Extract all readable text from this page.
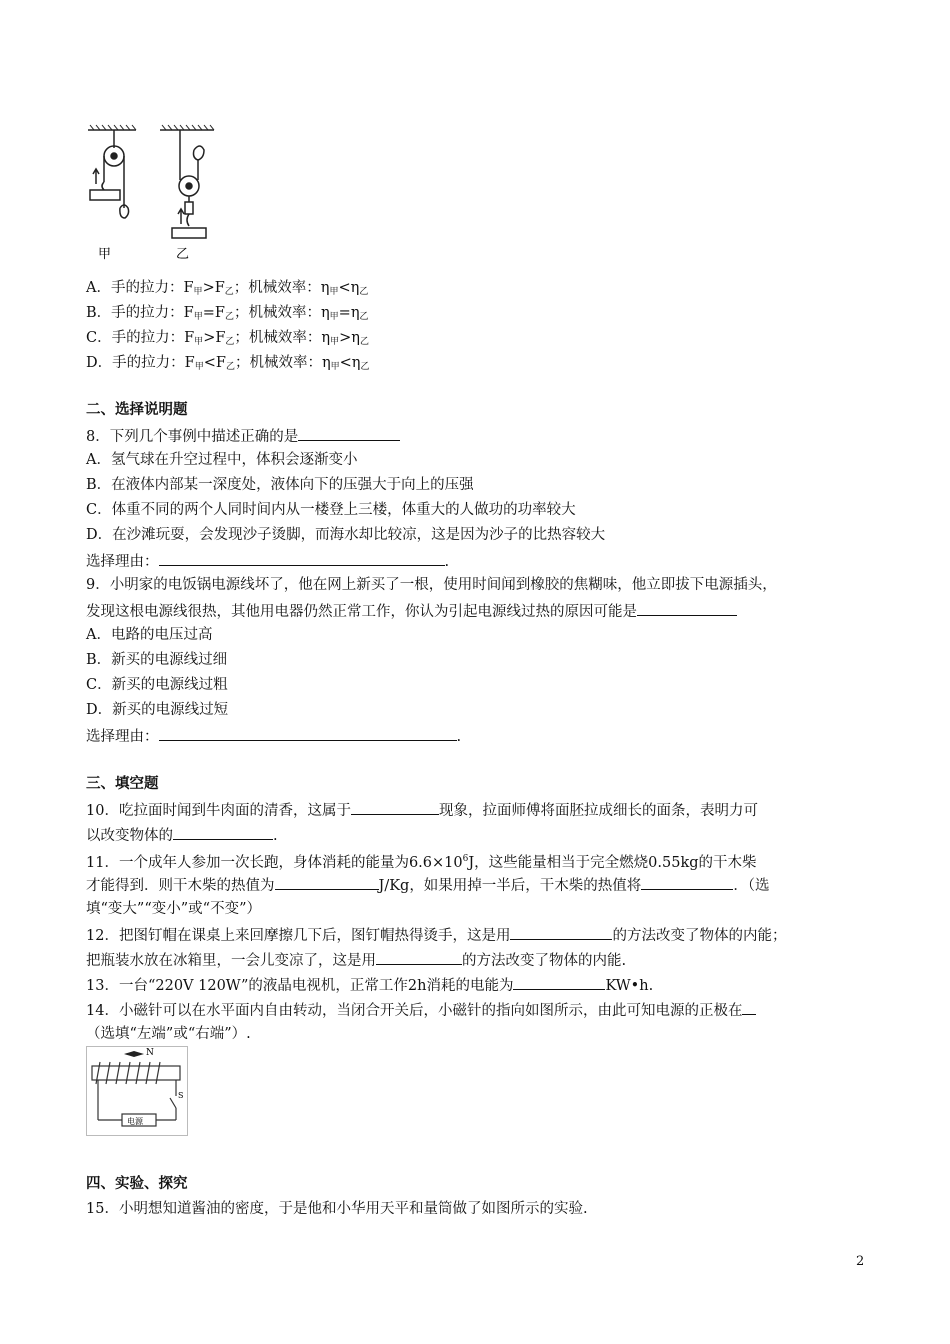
甲	乙
A．手的拉力：$F_甲>F_乙$；机械效率：$\eta_甲<\eta_乙$
B．手的拉力：$F_甲=F_乙$；机械效率：$\eta_甲=\eta_乙$
C．手的拉力：$F_甲>F_乙$；机械效率：$\eta_甲>\eta_乙$
D．手的拉力：$F_甲<F_乙$；机械效率：$\eta_甲<\eta_乙$
二、选择说明题
8．下列几个事例中描述正确的是
A．氢气球在升空过程中，体积会逐渐变小
B．在液体内部某一深度处，液体向下的压强大于向上的压强
C．体重不同的两个人同时间内从一楼登上三楼，体重大的人做功的功率较大
D．在沙滩玩耍，会发现沙子烫脚，而海水却比较凉，这是因为沙子的比热容较大
选择理由：	.
9．小明家的电饭锅电源线坏了，他在网上新买了一根，使用时间闻到橡胶的焦糊味，他立即拔下电源插头，
发现这根电源线很热，其他用电器仍然正常工作，你认为引起电源线过热的原因可能是
A．电路的电压过高
B．新买的电源线过细
C．新买的电源线过粗
D．新买的电源线过短
选择理由：	.
三、填空题
10．吃拉面时闻到牛肉面的清香，这属于	现象，拉面师傅将面胚拉成细长的面条，表明力可
以改变物体的	.
11．一个成年人参加一次长跑，身体消耗的能量为$6.6\times 10^6J$，这些能量相当于完全燃烧0.55kg的干木柴
才能得到．则干木柴的热值为	J/Kg，如果用掉一半后，干木柴的热值将	．（选
填“变大”“变小”或“不变”）
12．把图钉帽在课桌上来回摩擦几下后，图钉帽热得烫手，这是用	的方法改变了物体的内能；
把瓶装水放在冰箱里，一会儿变凉了，这是用	的方法改变了物体的内能.
13．一台“220V 120W”的液晶电视机，正常工作2h消耗的电能为	KW•h.
14．小磁针可以在水平面内自由转动，当闭合开关后，小磁针的指向如图所示，由此可知电源的正极在
（选填“左端”或“右端”）.
N
S
电源
四、实验、探究
15．小明想知道酱油的密度，于是他和小华用天平和量筒做了如图所示的实验.
2
